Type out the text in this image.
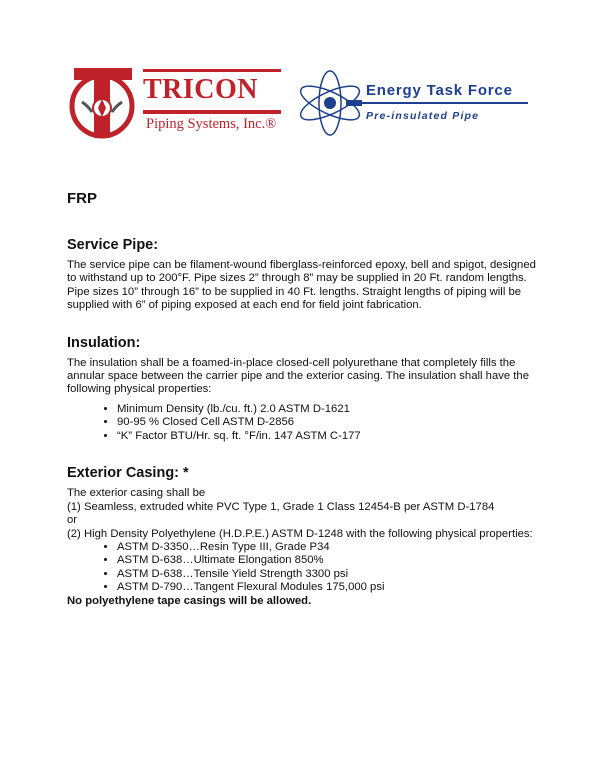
TRICON
Piping Systems, Inc.®
Energy Task Force
Pre-insulated Pipe
FRP
Service Pipe:

The service pipe can be filament-wound fiberglass-reinforced epoxy, bell and spigot, designed to withstand up to 200°F. Pipe sizes 2” through 8” may be supplied in 20 Ft. random lengths. Pipe sizes 10” through 16” to be supplied in 40 Ft. lengths. Straight lengths of piping will be supplied with 6” of piping exposed at each end for field joint fabrication.

Insulation:

The insulation shall be a foamed-in-place closed-cell polyurethane that completely fills the annular space between the carrier pipe and the exterior casing. The insulation shall have the following physical properties:

• Minimum Density (lb./cu. ft.) 2.0 ASTM D-1621
• 90-95 % Closed Cell ASTM D-2856
• “K” Factor BTU/Hr. sq. ft. °F/in. 147 ASTM C-177
Exterior Casing: *

The exterior casing shall be

(1) Seamless, extruded white PVC Type 1, Grade 1 Class 12454-B per ASTM D-1784

or

(2) High Density Polyethylene (H.D.P.E.) ASTM D-1248 with the following physical properties:

• ASTM D-3350…Resin Type III, Grade P34
• ASTM D-638…Ultimate Elongation 850%
• ASTM D-638…Tensile Yield Strength 3300 psi
• ASTM D-790…Tangent Flexural Modules 175,000 psi

No polyethylene tape casings will be allowed.
